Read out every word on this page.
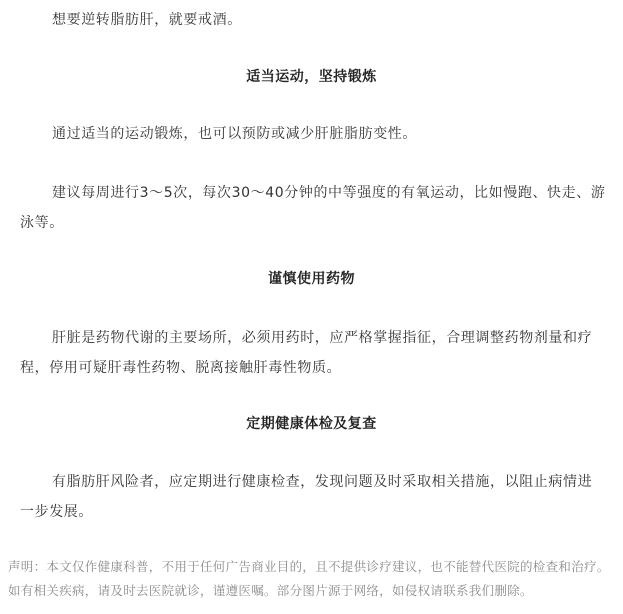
想要逆转脂肪肝，就要戒酒。

适当运动，坚持锻炼

通过适当的运动锻炼，也可以预防或减少肝脏脂肪变性。

建议每周进行3～5次，每次30～40分钟的中等强度的有氧运动，比如慢跑、快走、游泳等。

谨慎使用药物

肝脏是药物代谢的主要场所，必须用药时，应严格掌握指征，合理调整药物剂量和疗程，停用可疑肝毒性药物、脱离接触肝毒性物质。

定期健康体检及复查

有脂肪肝风险者，应定期进行健康检查，发现问题及时采取相关措施，以阻止病情进一步发展。

声明：本文仅作健康科普，不用于任何广告商业目的，且不提供诊疗建议，也不能替代医院的检查和治疗。如有相关疾病，请及时去医院就诊，谨遵医嘱。部分图片源于网络，如侵权请联系我们删除。
